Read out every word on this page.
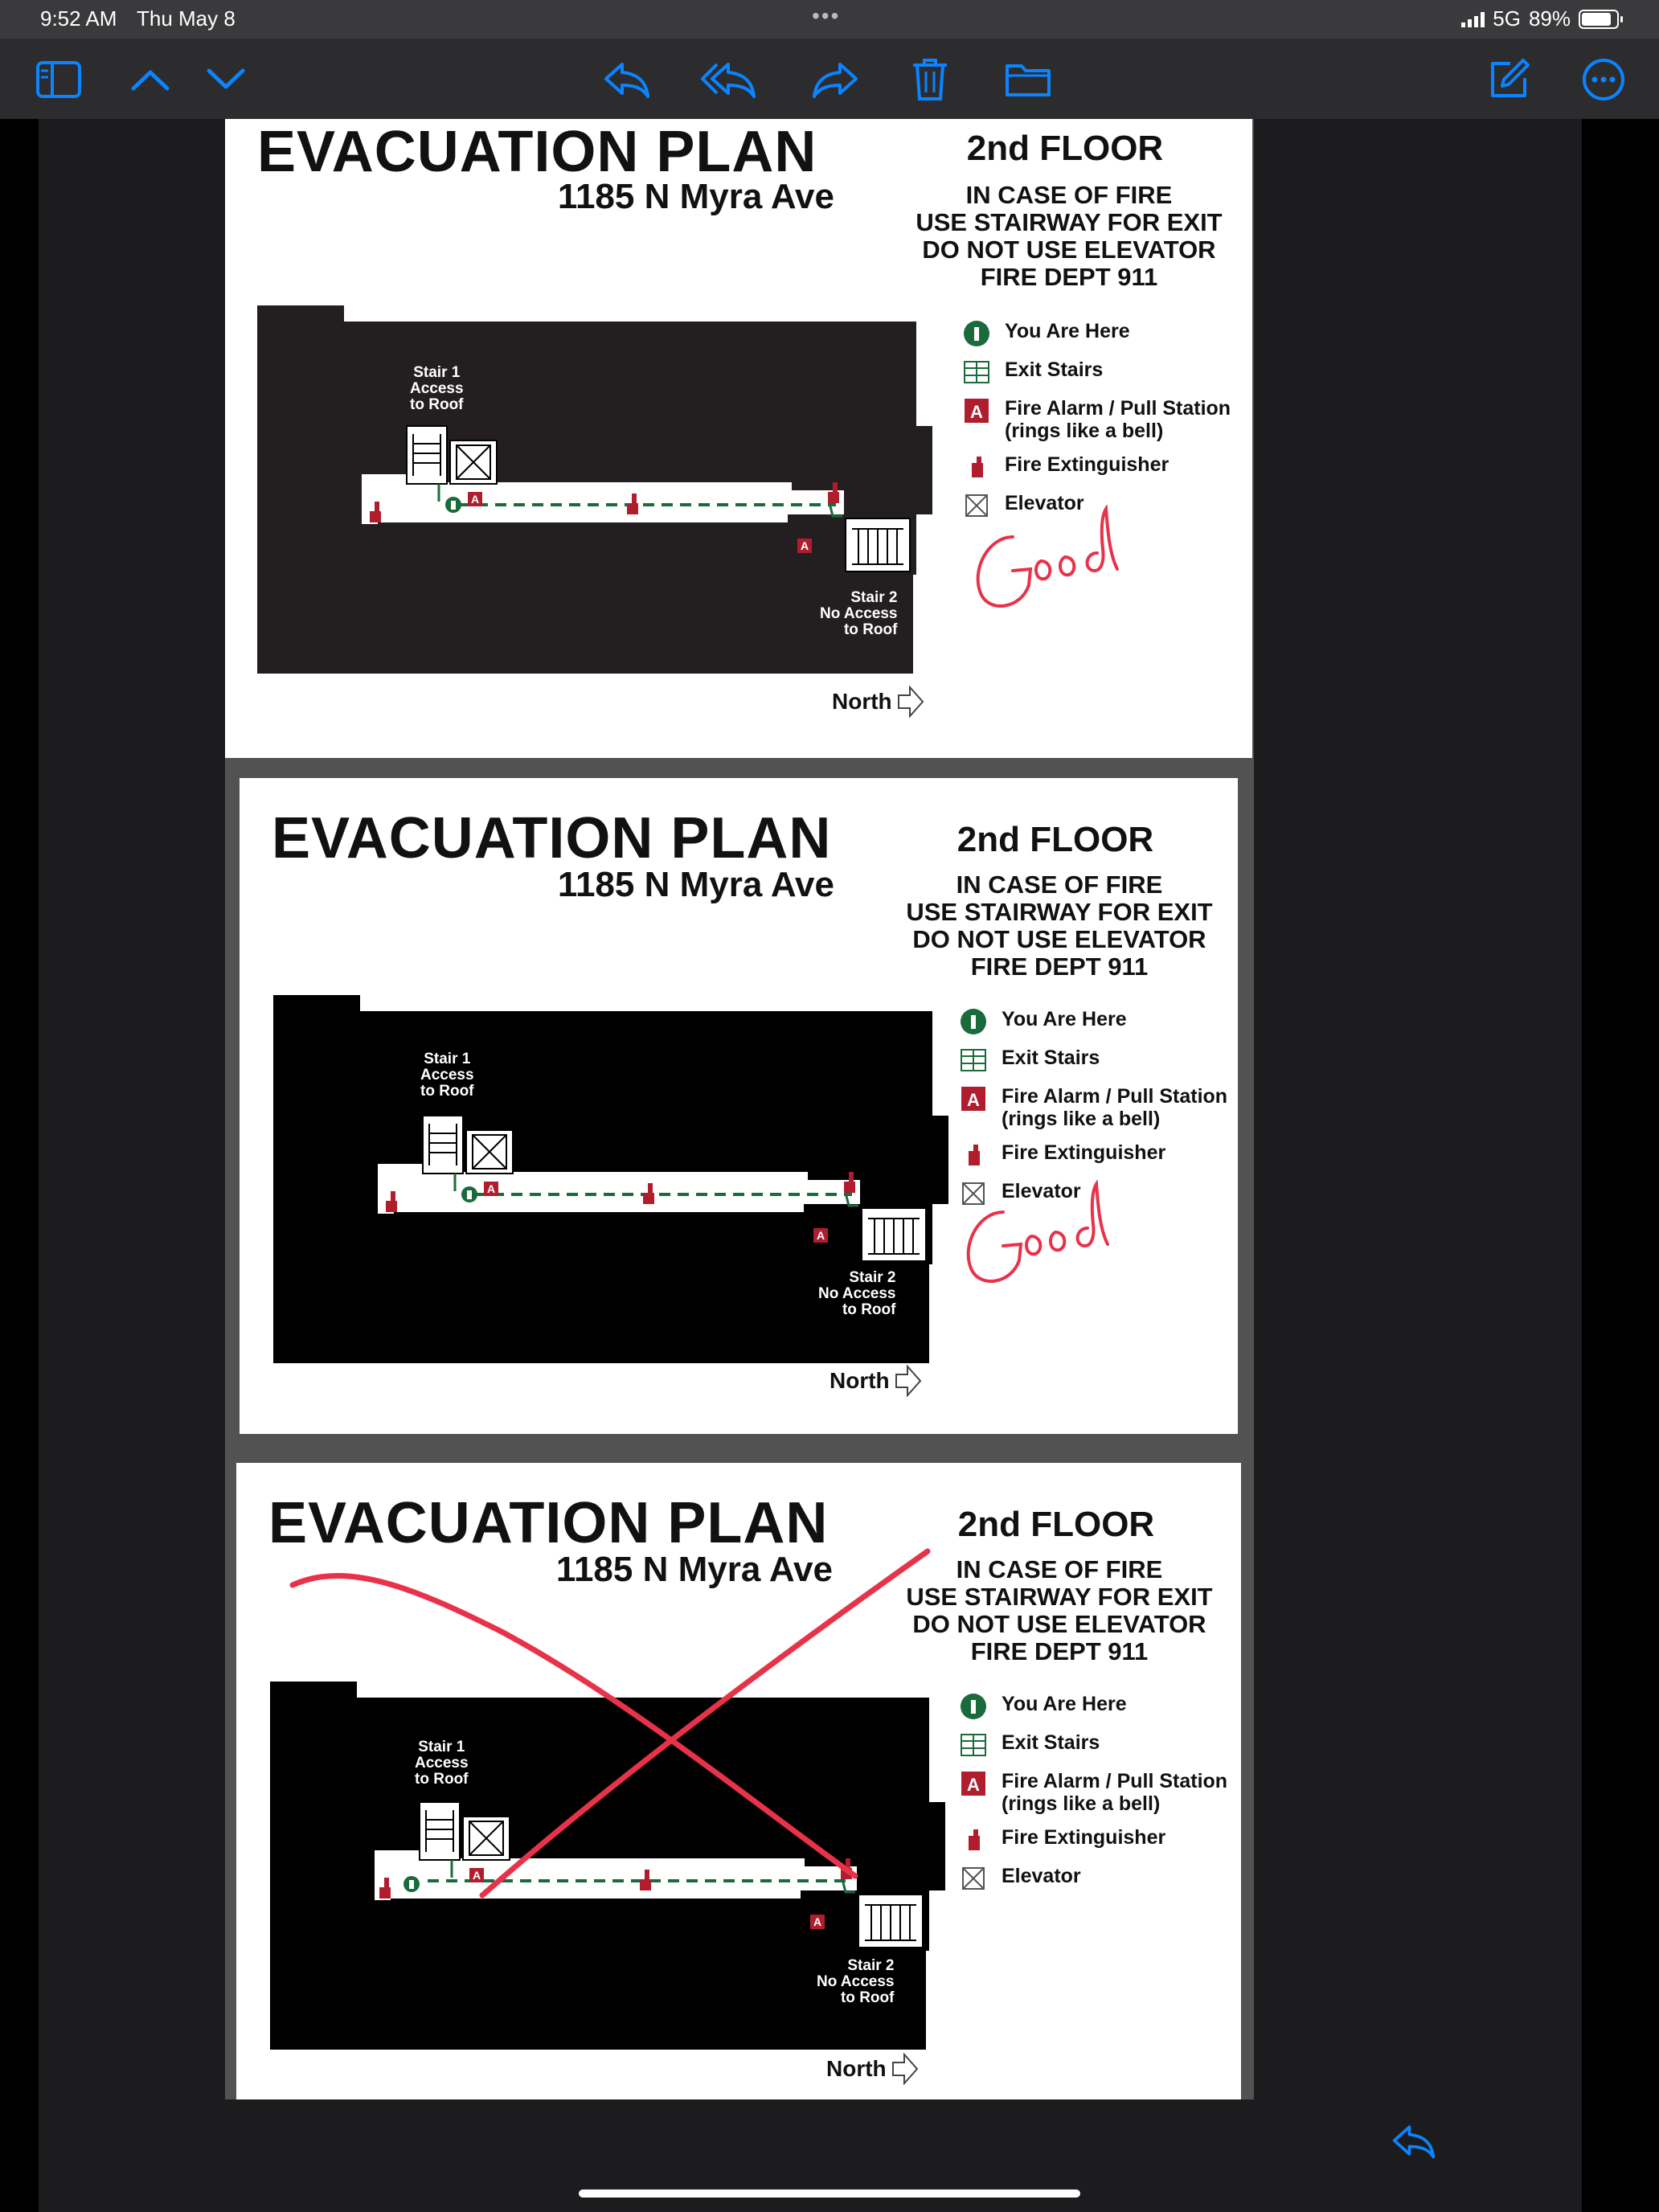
9:52 AM Thu May 8	•••	5G 89%
EVACUATION PLAN
1185 N Myra Ave
2nd FLOOR
IN CASE OF FIRE
USE STAIRWAY FOR EXIT
DO NOT USE ELEVATOR
FIRE DEPT 911
A
A
Stair 1
Access
to Roof
Stair 2
No Access
to Roof
You Are Here
Exit Stairs
A Fire Alarm / Pull Station
(rings like a bell)
Fire Extinguisher
Elevator
North
Good
EVACUATION PLAN
1185 N Myra Ave
2nd FLOOR
IN CASE OF FIRE
USE STAIRWAY FOR EXIT
DO NOT USE ELEVATOR
FIRE DEPT 911
A
A
Stair 1
Access
to Roof
Stair 2
No Access
to Roof
You Are Here
Exit Stairs
A Fire Alarm / Pull Station
(rings like a bell)
Fire Extinguisher
Elevator
North
Good
EVACUATION PLAN
1185 N Myra Ave
2nd FLOOR
IN CASE OF FIRE
USE STAIRWAY FOR EXIT
DO NOT USE ELEVATOR
FIRE DEPT 911
A
A
Stair 1
Access
to Roof
Stair 2
No Access
to Roof
You Are Here
Exit Stairs
A Fire Alarm / Pull Station
(rings like a bell)
Fire Extinguisher
Elevator
North
